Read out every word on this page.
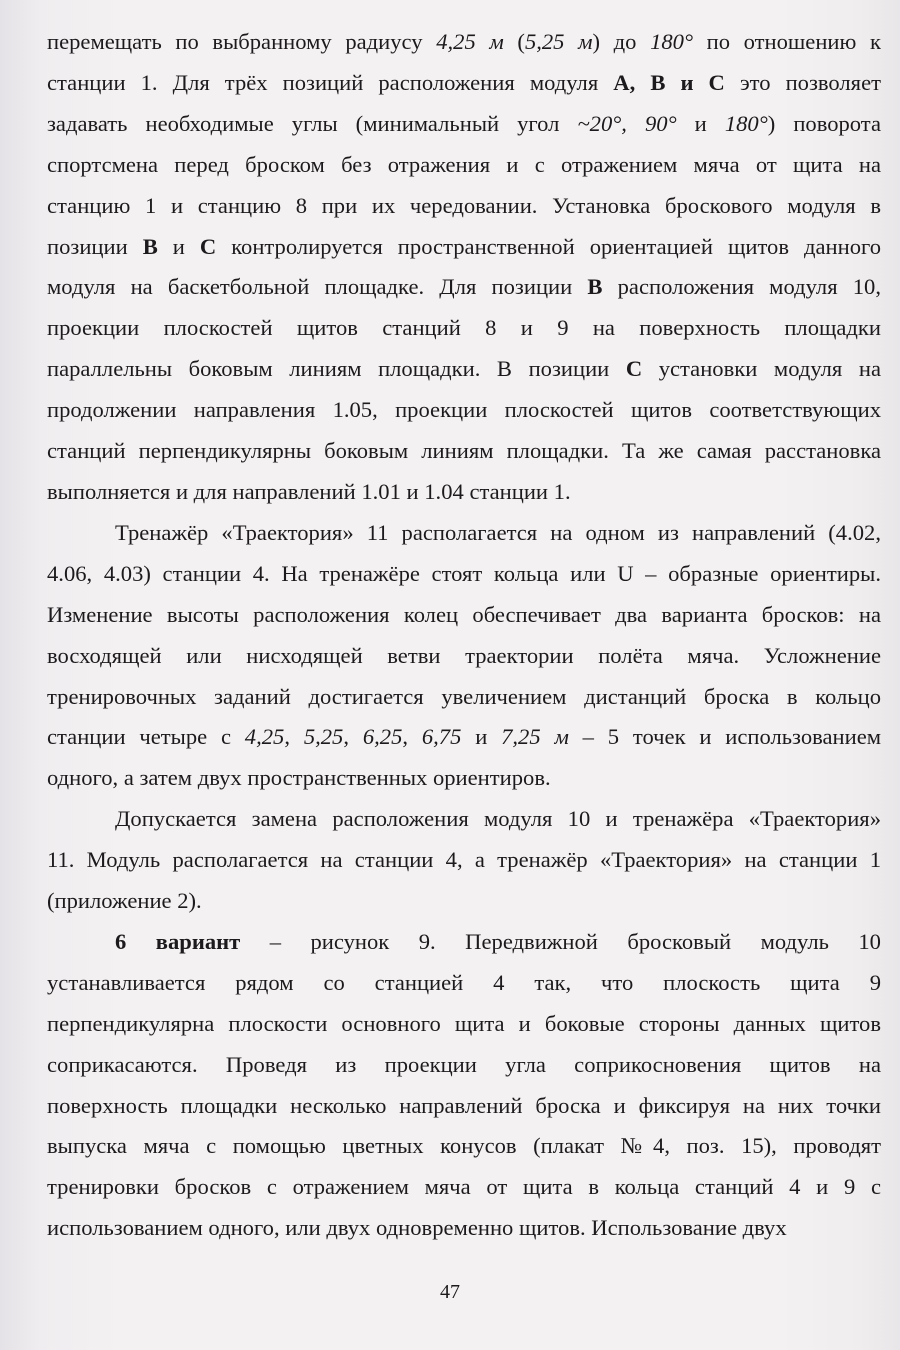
перемещать по выбранному радиусу 4,25 м (5,25 м) до 180° по отношению к
станции 1. Для трёх позиций расположения модуля А, В и С это позволяет
задавать необходимые углы (минимальный угол ~20°, 90° и 180°) поворота
спортсмена перед броском без отражения и с отражением мяча от щита на
станцию 1 и станцию 8 при их чередовании. Установка броскового модуля в
позиции В и С контролируется пространственной ориентацией щитов данного
модуля на баскетбольной площадке. Для позиции В расположения модуля 10,
проекции плоскостей щитов станций 8 и 9 на поверхность площадки
параллельны боковым линиям площадки. В позиции С установки модуля на
продолжении направления 1.05, проекции плоскостей щитов соответствующих
станций перпендикулярны боковым линиям площадки. Та же самая расстановка
выполняется и для направлений 1.01 и 1.04 станции 1.
Тренажёр «Траектория» 11 располагается на одном из направлений (4.02,
4.06, 4.03) станции 4. На тренажёре стоят кольца или U – образные ориентиры.
Изменение высоты расположения колец обеспечивает два варианта бросков: на
восходящей или нисходящей ветви траектории полёта мяча. Усложнение
тренировочных заданий достигается увеличением дистанций броска в кольцо
станции четыре с 4,25, 5,25, 6,25, 6,75 и 7,25 м – 5 точек и использованием
одного, а затем двух пространственных ориентиров.
Допускается замена расположения модуля 10 и тренажёра «Траектория»
11. Модуль располагается на станции 4, а тренажёр «Траектория» на станции 1
(приложение 2).
6 вариант – рисунок 9. Передвижной бросковый модуль 10
устанавливается рядом со станцией 4 так, что плоскость щита 9
перпендикулярна плоскости основного щита и боковые стороны данных щитов
соприкасаются. Проведя из проекции угла соприкосновения щитов на
поверхность площадки несколько направлений броска и фиксируя на них точки
выпуска мяча с помощью цветных конусов (плакат №4, поз. 15), проводят
тренировки бросков с отражением мяча от щита в кольца станций 4 и 9 с
использованием одного, или двух одновременно щитов. Использование двух
47
